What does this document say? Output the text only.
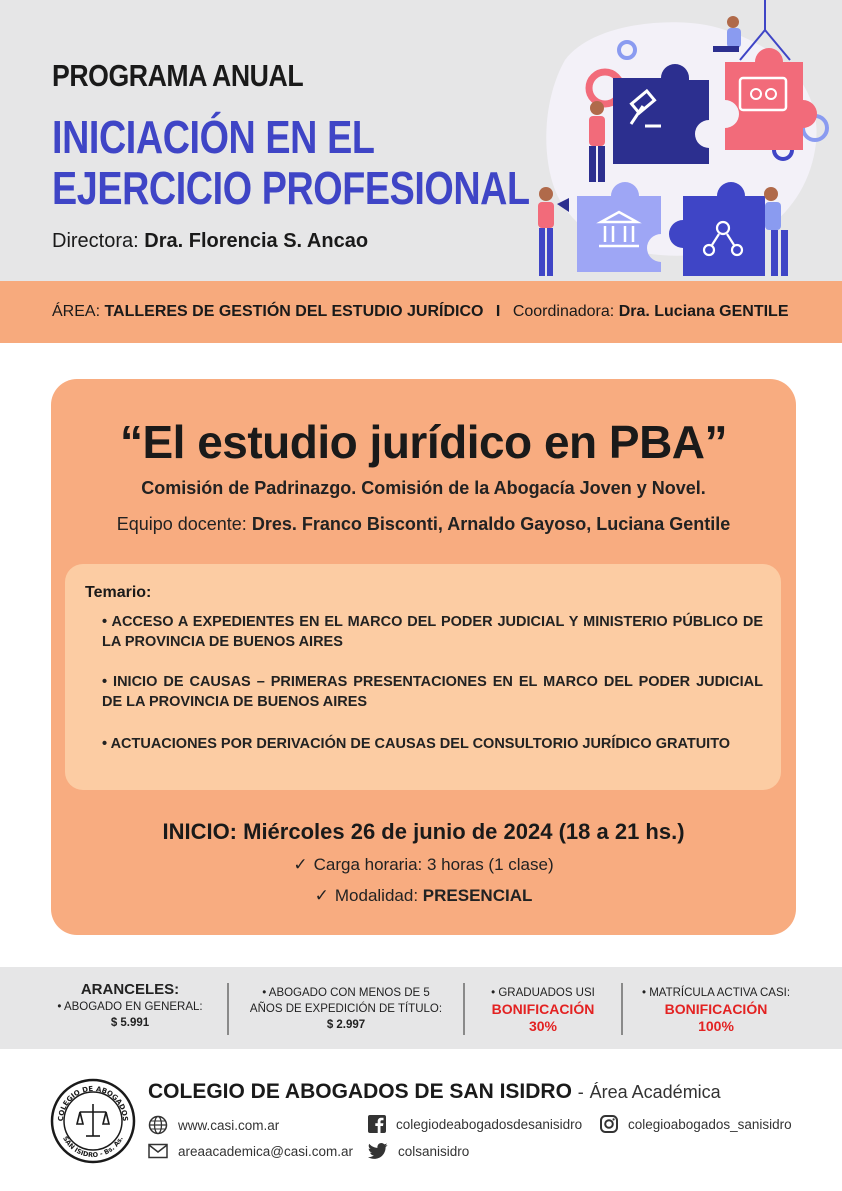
PROGRAMA ANUAL
INICIACIÓN EN EL
EJERCICIO PROFESIONAL
Directora: Dra. Florencia S. Ancao
ÁREA: TALLERES DE GESTIÓN DEL ESTUDIO JURÍDICO I Coordinadora: Dra. Luciana GENTILE
“El estudio jurídico en PBA”
Comisión de Padrinazgo. Comisión de la Abogacía Joven y Novel.
Equipo docente: Dres. Franco Bisconti, Arnaldo Gayoso, Luciana Gentile
Temario:
• ACCESO A EXPEDIENTES EN EL MARCO DEL PODER JUDICIAL Y MINISTERIO PÚBLICO DE LA PROVINCIA DE BUENOS AIRES
• INICIO DE CAUSAS – PRIMERAS PRESENTACIONES EN EL MARCO DEL PODER JUDICIAL DE LA PROVINCIA DE BUENOS AIRES
• ACTUACIONES POR DERIVACIÓN DE CAUSAS DEL CONSULTORIO JURÍDICO GRATUITO
INICIO: Miércoles 26 de junio de 2024 (18 a 21 hs.)
✓ Carga horaria: 3 horas (1 clase)
✓ Modalidad: PRESENCIAL
ARANCELES:
• ABOGADO EN GENERAL:
$ 5.991
• ABOGADO CON MENOS DE 5
AÑOS DE EXPEDICIÓN DE TÍTULO:
$ 2.997
• GRADUADOS USI
BONIFICACIÓN
30%
• MATRÍCULA ACTIVA CASI:
BONIFICACIÓN
100%
COLEGIO DE ABOGADOS
SAN ISIDRO - Bs. As.
COLEGIO DE ABOGADOS DE SAN ISIDRO - Área Académica
www.casi.com.ar
areaacademica@casi.com.ar
colegiodeabogadosdesanisidro
colsanisidro
colegioabogados_sanisidro
